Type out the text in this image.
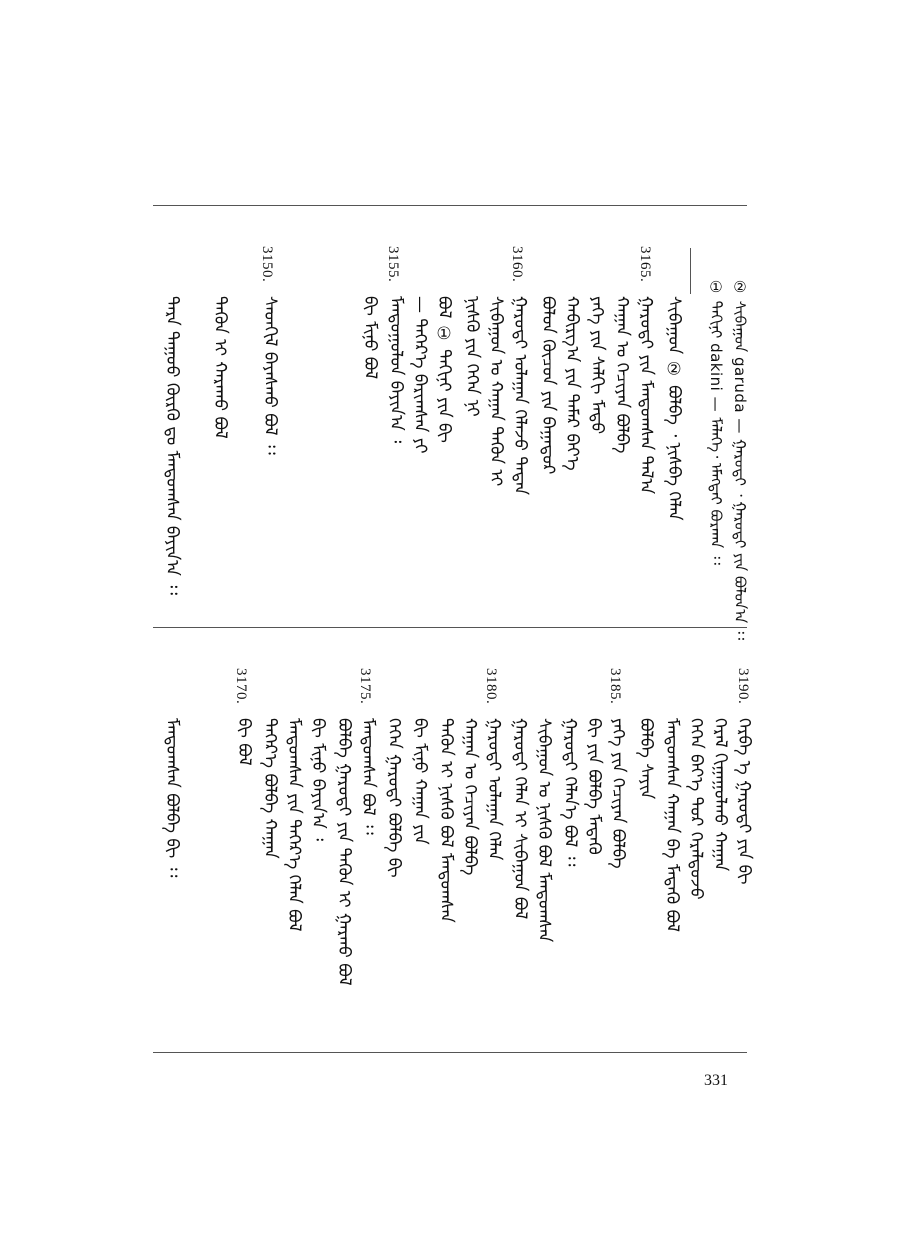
② ᠰᠢᠪᠠᠭᠤᠨ garuda — ᠭᠠᠷᠤᠳᠢ ᠂ ᠭᠠᠷᠤᠳᠢ ᠶᠢᠨ ᠪᠣᠯᠤᠨ᠎ᠠ ᠄᠄
① ᠳᠠᠭᠢᠨᠢ dakini — ᠮᠡᠯᠡᠭᠡ᠂ ᠡᠮᠡᠭᠲᠡᠢ ᠪᠤᠷᠬᠠᠨ ᠄᠄
3165.
3160.
3155.
3150.
ᠰᠢᠪᠠᠭᠤᠨ ② ᠪᠣᠯᠪᠠ ᠂ ᠨᠢᠰᠪᠡ ᠬᠡᠯᠡᠨ
ᠭᠠᠷᠤᠳᠢ ᠶᠢᠨ ᠮᠠᠨᠳᠤᠭᠰᠠᠨ ᠲᠠᠯ᠎ᠠ
ᠬᠠᠭᠠᠨ ᠤ ᠬᠡᠴᠢᠶᠡᠨ ᠪᠣᠯᠪᠠ
ᠶᠡᠬᠡ ᠶᠢᠨ ᠰᠠᠯᠬᠢ ᠮᠡᠲᠦ
ᠬᠠᠪᠢᠷᠭ᠎ᠠ ᠶᠢᠨ ᠲᠡᠮᠡᠷ ᠪᠡᠶ᠎ᠡ
ᠪᠣᠯᠤᠨ ᠬᠦᠴᠦᠨ ᠶᠢᠨ ᠪᠠᠭᠠᠲᠤᠷ
ᠭᠠᠷᠤᠳᠢ ᠤᠯᠠᠭᠠᠨ ᠬᠡᠯᠡᠵᠦ ᠲᠡᠳᠡᠨ
ᠰᠢᠪᠠᠭᠤᠨ ᠤ ᠬᠠᠭᠠᠨ ᠲᠡᠭᠦᠨ ᠢ
ᠨᠢᠰᠬᠦ ᠶᠢᠨ ᠭᠡᠭᠡᠨ ᠨᠢ
ᠪᠣᠯ ① ᠳᠠᠭᠢᠨᠢ ᠶᠢᠨ ᠪᠢ
— ᠳᠡᠭᠡᠷ᠎ᠡ ᠪᠠᠷᠢᠭᠰᠠᠨ ᠶᠢ
ᠮᠠᠨᠳᠤᠭᠤᠯᠤᠨ ᠪᠠᠶᠢᠨ᠎ᠠ ᠄
ᠪᠢ ᠮᠢᠨᠦ ᠪᠣᠯ
ᠰᠡᠳᠬᠢᠯ ᠪᠠᠶᠠᠰᠬᠤ ᠪᠣᠯ ᠄᠄
ᠲᠡᠭᠦᠨ ᠢ ᠬᠠᠷᠠᠬᠤ ᠪᠣᠯ
ᠲᠡᠷᠡ ᠳᠠᠭᠤᠤ ᠬᠦᠷᠬᠦ ᠳᠤ ᠮᠠᠨᠳᠤᠭᠰᠠᠨ ᠪᠠᠶᠢᠨ᠎ᠠ ᠄᠄
3190.
3185.
3180.
3175.
3170.
ᠬᠡᠷᠪᠡ ᠡ ᠭᠠᠷᠤᠳᠢ ᠶᠢᠨ ᠪᠢ
ᠭᠡᠷᠡᠯ ᠭᠢᠭᠠᠭᠤᠯᠬᠤ ᠬᠠᠭᠠᠨ
ᠭᠡᠭᠡᠨ ᠪᠡᠶ᠎ᠡ ᠳᠤᠷ ᠭᠡᠷᠡᠯᠳᠦᠵᠦ
ᠮᠠᠨᠳᠤᠭᠰᠠᠨ ᠬᠠᠭᠠᠨ ᠪᠠ ᠮᠡᠳᠡᠬᠦ ᠪᠣᠯ
ᠪᠣᠯᠪᠠ ᠰᠠᠶᠢᠨ
ᠶᠡᠬᠡ ᠶᠢᠨ ᠬᠡᠴᠢᠶᠡᠨ ᠪᠣᠯᠪᠠ
ᠪᠢ ᠶᠢᠨ ᠪᠣᠯᠪᠠ ᠮᠡᠳᠡᠬᠦ
ᠭᠠᠷᠤᠳᠢ ᠬᠡᠯᠡᠨ᠎ᠡ ᠪᠣᠯ ᠄᠄
ᠰᠢᠪᠠᠭᠤᠨ ᠤ ᠨᠢᠰᠬᠦ ᠪᠣᠯ ᠮᠠᠨᠳᠤᠭᠰᠠᠨ
ᠭᠠᠷᠤᠳᠢ ᠬᠡᠯᠡᠨ ᠢ ᠰᠢᠪᠠᠭᠤᠨ ᠪᠣᠯ
ᠭᠠᠷᠤᠳᠢ ᠤᠯᠠᠭᠠᠨ ᠬᠡᠯᠡᠨ
ᠬᠠᠭᠠᠨ ᠤ ᠬᠡᠴᠢᠶᠡᠨ ᠪᠣᠯᠪᠠ
ᠲᠡᠭᠦᠨ ᠢ ᠨᠢᠰᠬᠦ ᠪᠣᠯ ᠮᠠᠨᠳᠤᠭᠰᠠᠨ
ᠪᠢ ᠮᠢᠨᠦ ᠬᠠᠭᠠᠨ ᠶᠢᠨ
ᠭᠡᠭᠡᠨ ᠭᠠᠷᠤᠳᠢ ᠪᠣᠯᠪᠠ ᠪᠢ
ᠮᠠᠨᠳᠤᠭᠰᠠᠨ ᠪᠣᠯ ᠄᠄
ᠪᠣᠯᠪᠠ ᠭᠠᠷᠤᠳᠢ ᠶᠢᠨ ᠲᠡᠭᠦᠨ ᠢ ᠭᠠᠷᠬᠤ ᠪᠣᠯ
ᠪᠢ ᠮᠢᠨᠦ ᠪᠠᠶᠢᠨ᠎ᠠ ᠄
ᠮᠠᠨᠳᠤᠭᠰᠠᠨ ᠶᠢᠨ ᠳᠡᠭᠡᠷ᠎ᠡ ᠬᠡᠯᠡᠨ ᠪᠣᠯ
ᠳᠡᠭᠡᠷ᠎ᠡ ᠪᠣᠯᠪᠠ ᠬᠠᠭᠠᠨ
ᠪᠢ ᠪᠣᠯ
ᠮᠠᠨᠳᠤᠭᠰᠠᠨ ᠪᠣᠯᠪᠠ ᠪᠢ ᠄᠄
331
